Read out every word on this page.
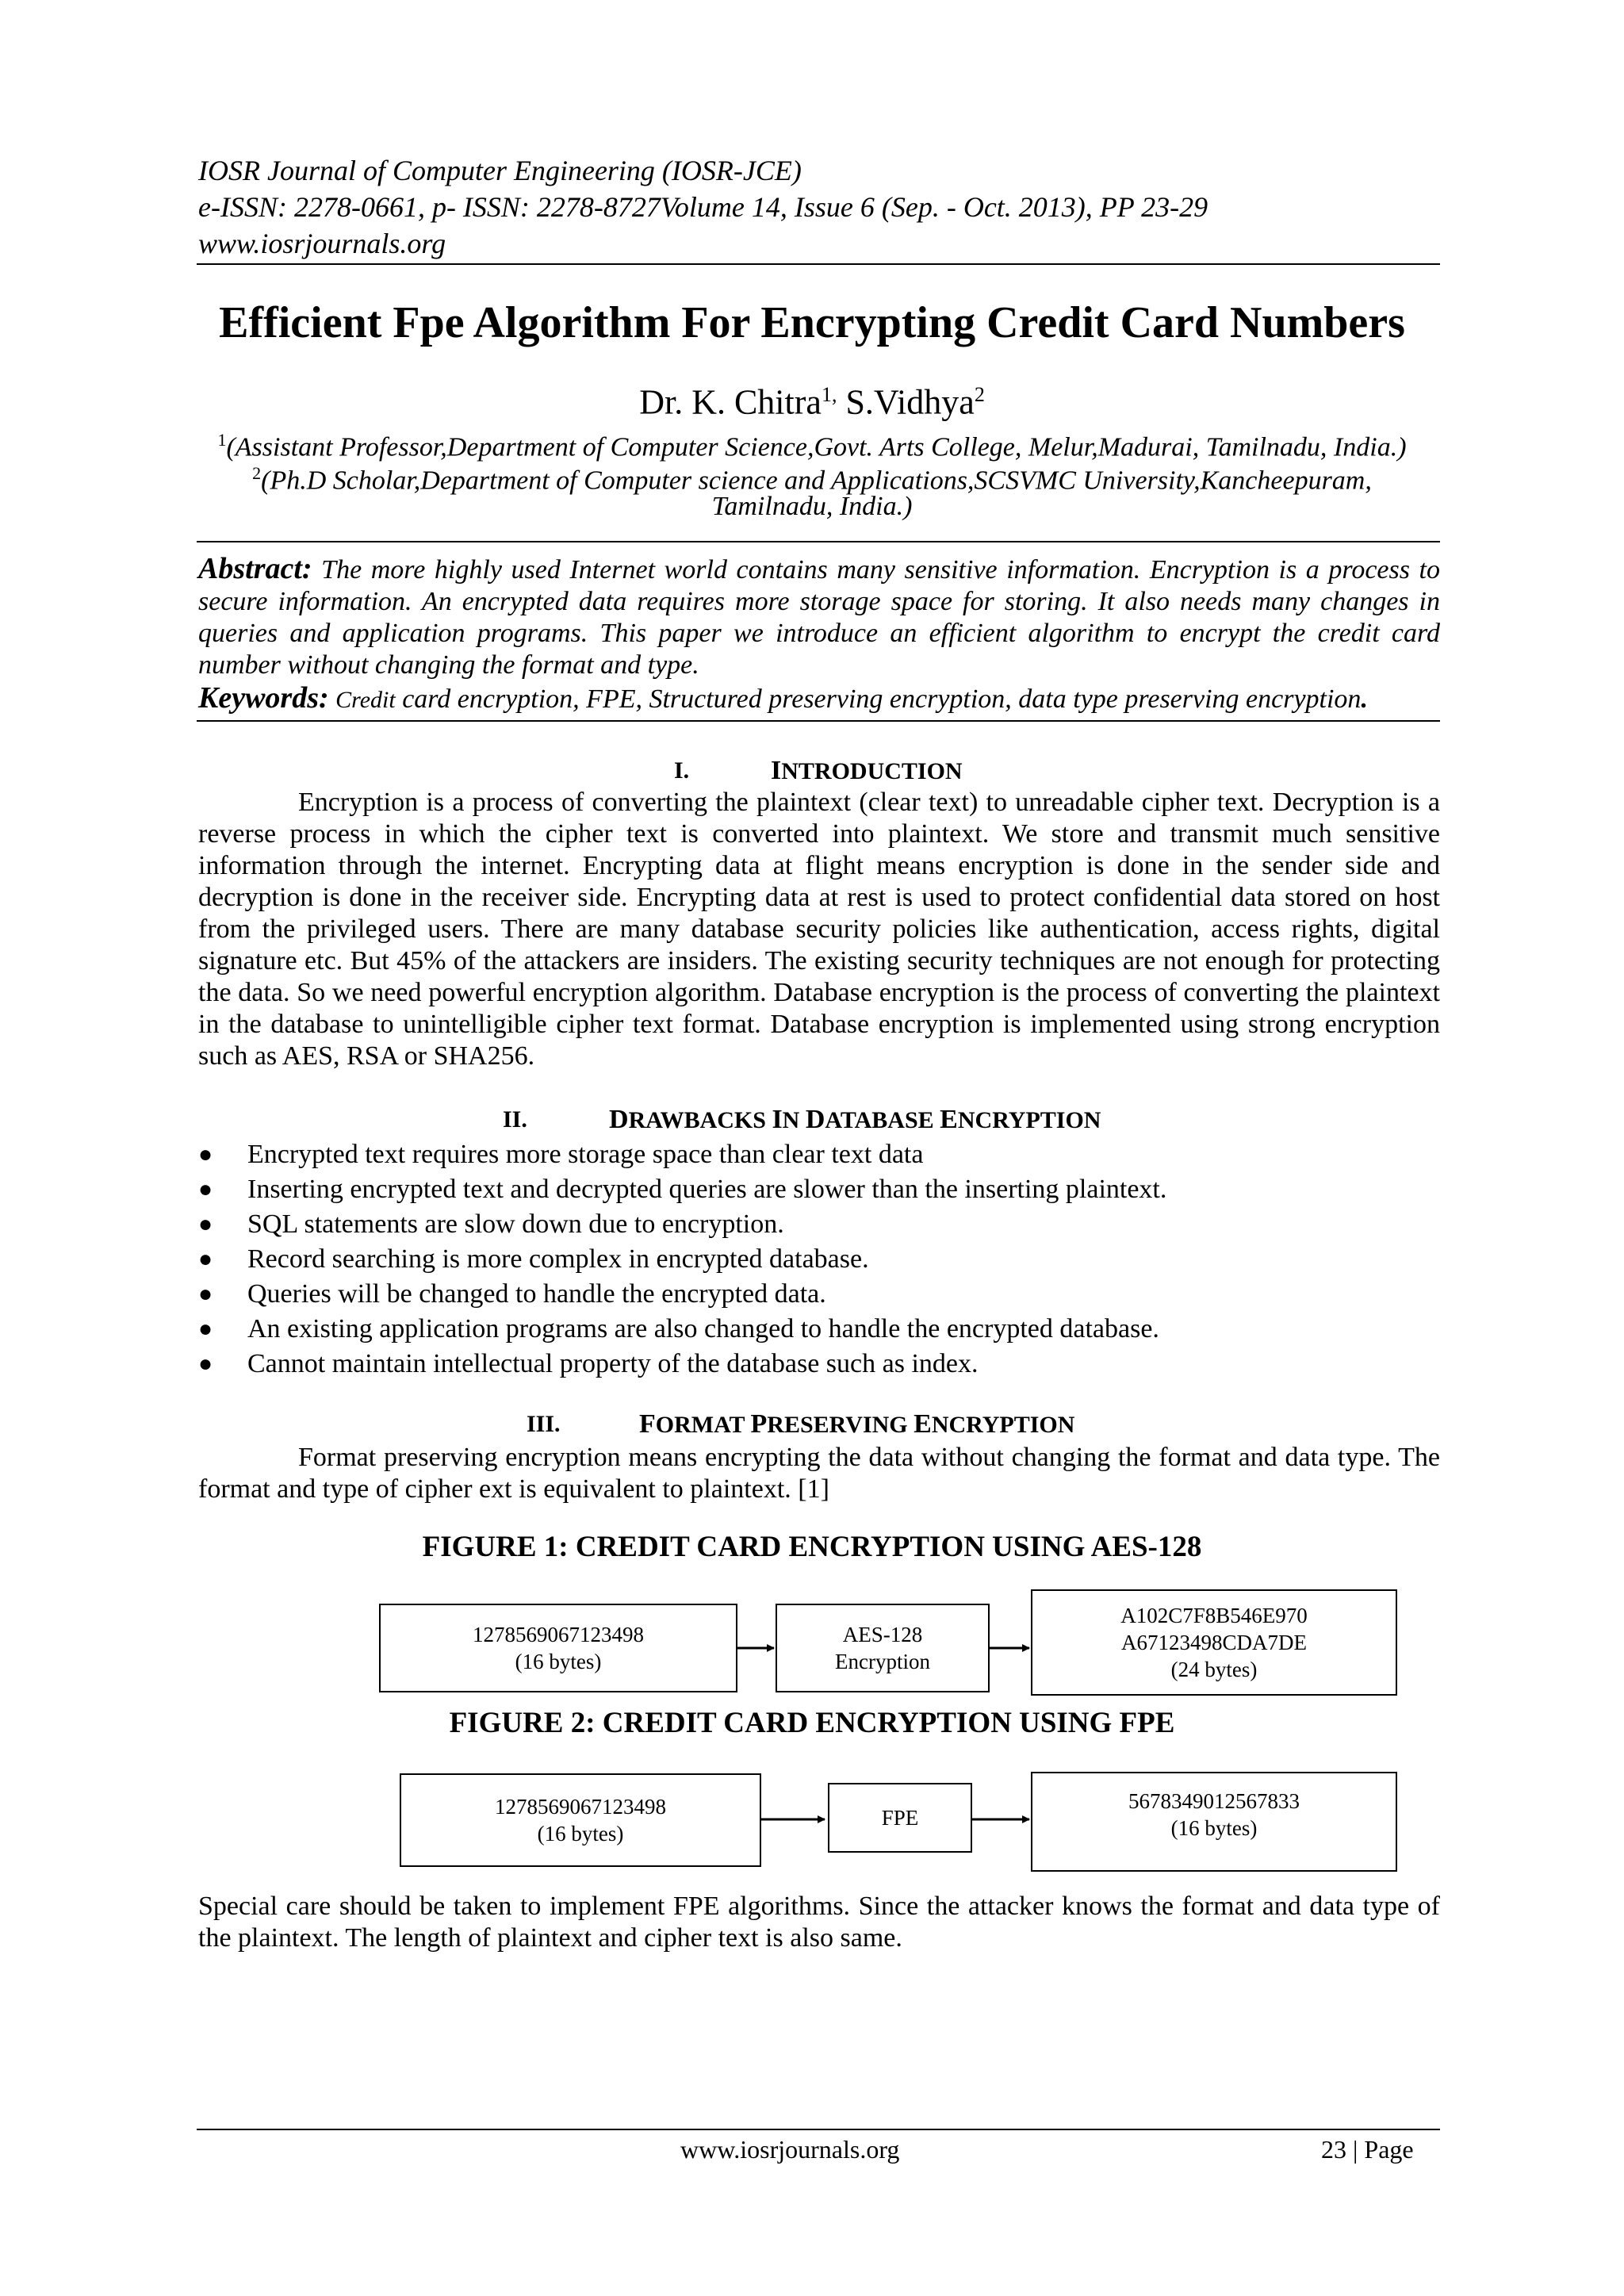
IOSR Journal of Computer Engineering (IOSR-JCE)
e-ISSN: 2278-0661, p- ISSN: 2278-8727Volume 14, Issue 6 (Sep. - Oct. 2013), PP 23-29
www.iosrjournals.org
Efficient Fpe Algorithm For Encrypting Credit Card Numbers
Dr. K. Chitra$^{1,}$ S.Vidhya$^2$
$^1$(Assistant Professor,Department of Computer Science,Govt. Arts College, Melur,Madurai, Tamilnadu, India.)
$^2$(Ph.D Scholar,Department of Computer science and Applications,SCSVMC University,Kancheepuram,
Tamilnadu, India.)
Abstract: The more highly used Internet world contains many sensitive information. Encryption is a process to secure information. An encrypted data requires more storage space for storing. It also needs many changes in queries and application programs. This paper we introduce an efficient algorithm to encrypt the credit card number without changing the format and type.
Keywords: Credit card encryption, FPE, Structured preserving encryption, data type preserving encryption.
I.	INTRODUCTION
Encryption is a process of converting the plaintext (clear text) to unreadable cipher text. Decryption is a reverse process in which the cipher text is converted into plaintext. We store and transmit much sensitive information through the internet. Encrypting data at flight means encryption is done in the sender side and decryption is done in the receiver side. Encrypting data at rest is used to protect confidential data stored on host from the privileged users. There are many database security policies like authentication, access rights, digital signature etc. But 45% of the attackers are insiders. The existing security techniques are not enough for protecting the data. So we need powerful encryption algorithm. Database encryption is the process of converting the plaintext in the database to unintelligible cipher text format. Database encryption is implemented using strong encryption such as AES, RSA or SHA256.
II.	DRAWBACKS IN DATABASE ENCRYPTION
●	Encrypted text requires more storage space than clear text data
●	Inserting encrypted text and decrypted queries are slower than the inserting plaintext.
●	SQL statements are slow down due to encryption.
●	Record searching is more complex in encrypted database.
●	Queries will be changed to handle the encrypted data.
●	An existing application programs are also changed to handle the encrypted database.
●	Cannot maintain intellectual property of the database such as index.
III.	FORMAT PRESERVING ENCRYPTION
Format preserving encryption means encrypting the data without changing the format and data type. The format and type of cipher ext is equivalent to plaintext. [1]
FIGURE 1: CREDIT CARD ENCRYPTION USING AES-128
1278569067123498
(16 bytes)
AES-128
Encryption
A102C7F8B546E970
A67123498CDA7DE
(24 bytes)
FIGURE 2: CREDIT CARD ENCRYPTION USING FPE
1278569067123498
(16 bytes)
FPE
5678349012567833
(16 bytes)
Special care should be taken to implement FPE algorithms. Since the attacker knows the format and data type of the plaintext. The length of plaintext and cipher text is also same.
www.iosrjournals.org	23 | Page
